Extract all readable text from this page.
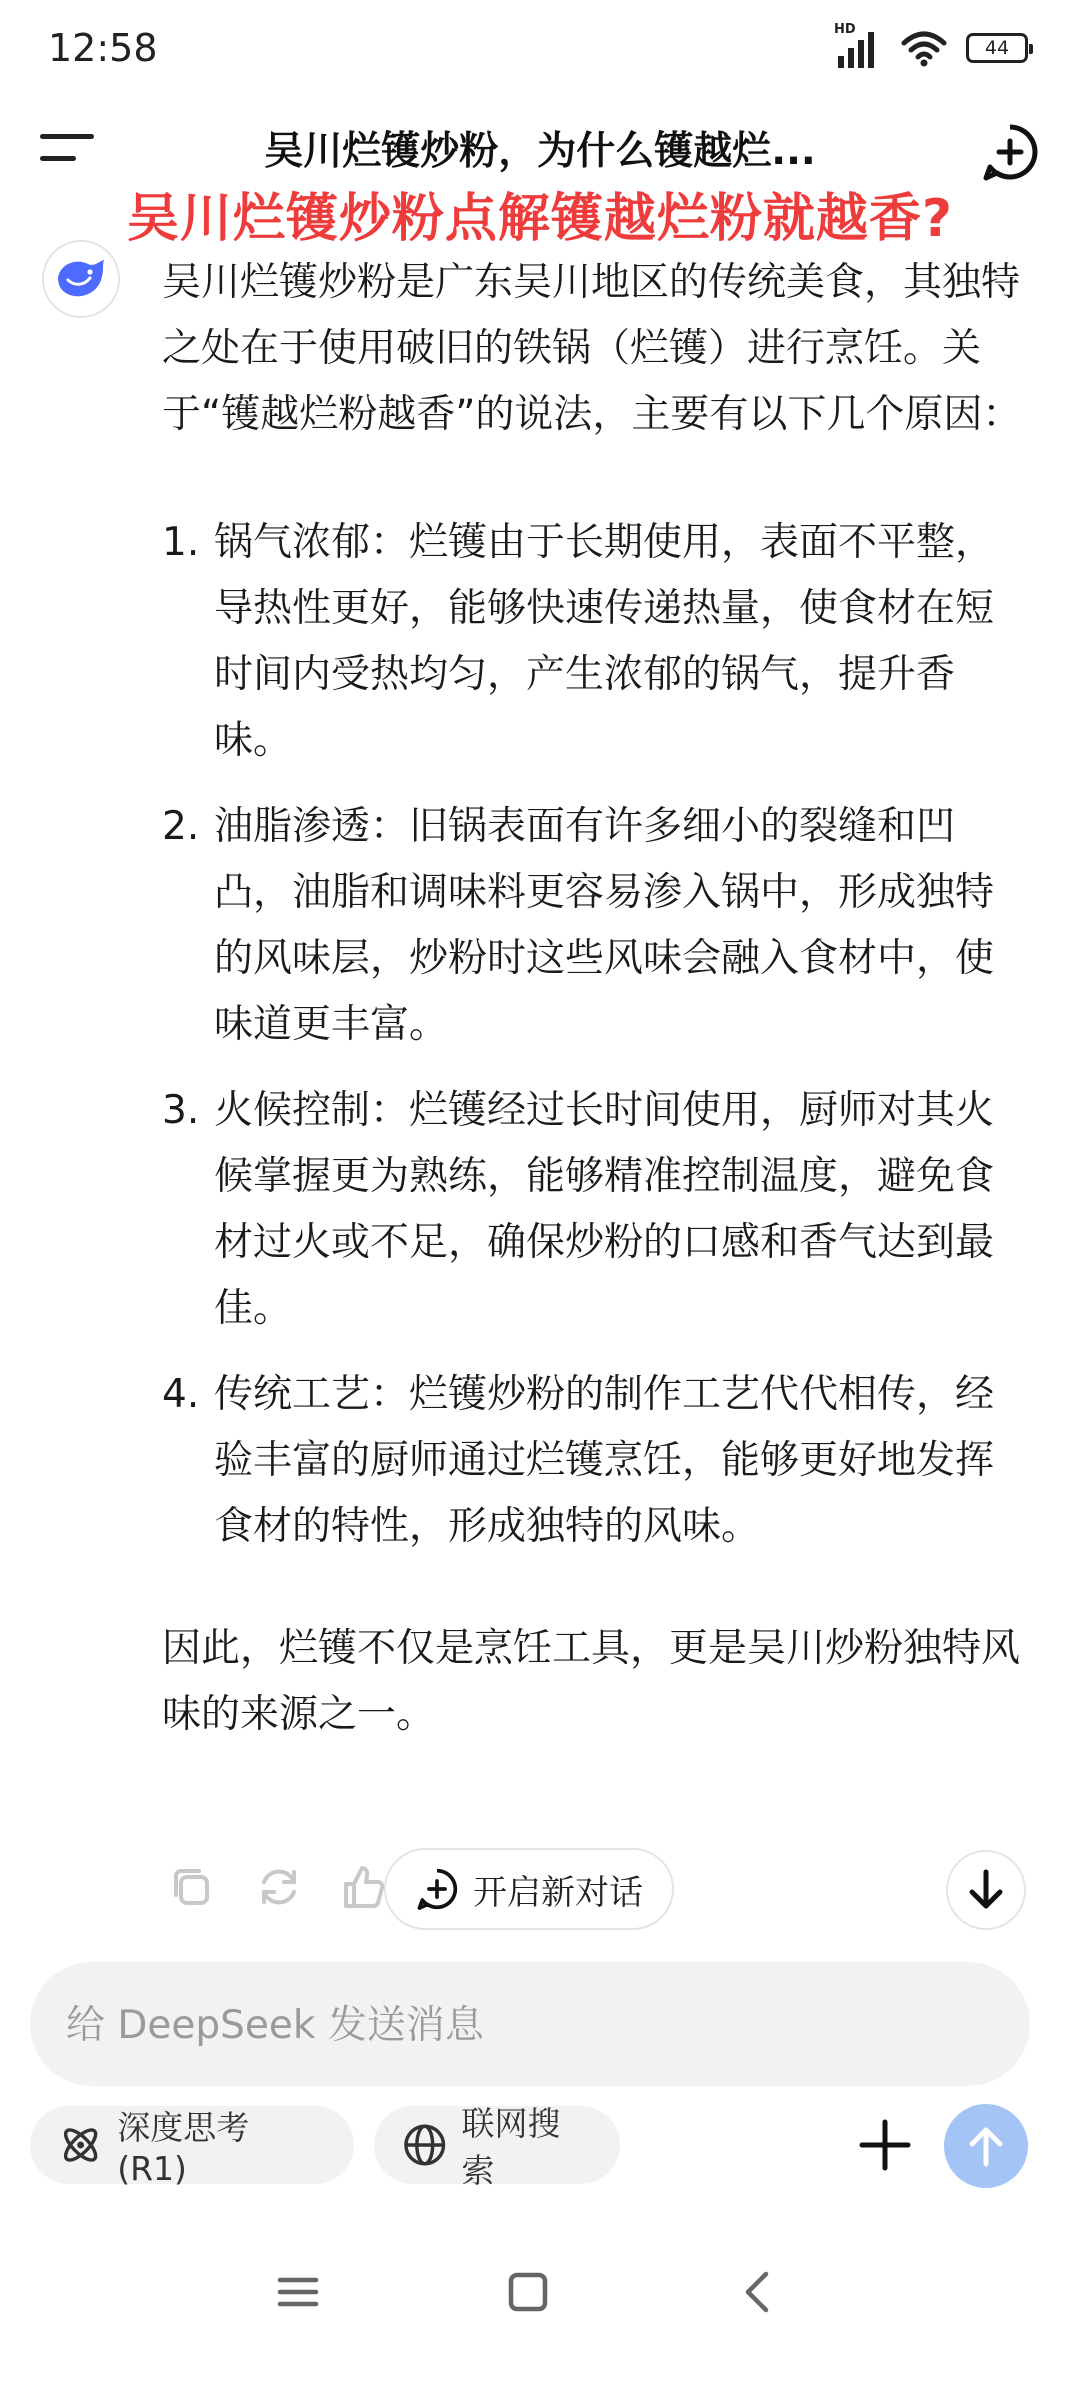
12:58	HD
44
吴川烂镬炒粉，为什么镬越烂...
吴川烂镬炒粉点解镬越烂粉就越香?

吴川烂镬炒粉是广东吴川地区的传统美食，其独特之处在于使用破旧的铁锅（烂镬）进行烹饪。关于“镬越烂粉越香”的说法，主要有以下几个原因：

1. 锅气浓郁：烂镬由于长期使用，表面不平整，导热性更好，能够快速传递热量，使食材在短时间内受热均匀，产生浓郁的锅气，提升香味。
2. 油脂渗透：旧锅表面有许多细小的裂缝和凹凸，油脂和调味料更容易渗入锅中，形成独特的风味层，炒粉时这些风味会融入食材中，使味道更丰富。
3. 火候控制：烂镬经过长时间使用，厨师对其火候掌握更为熟练，能够精准控制温度，避免食材过火或不足，确保炒粉的口感和香气达到最佳。
4. 传统工艺：烂镬炒粉的制作工艺代代相传，经验丰富的厨师通过烂镬烹饪，能够更好地发挥食材的特性，形成独特的风味。

因此，烂镬不仅是烹饪工具，更是吴川炒粉独特风味的来源之一。

开启新对话
给 DeepSeek 发送消息
深度思考 (R1)
联网搜索
